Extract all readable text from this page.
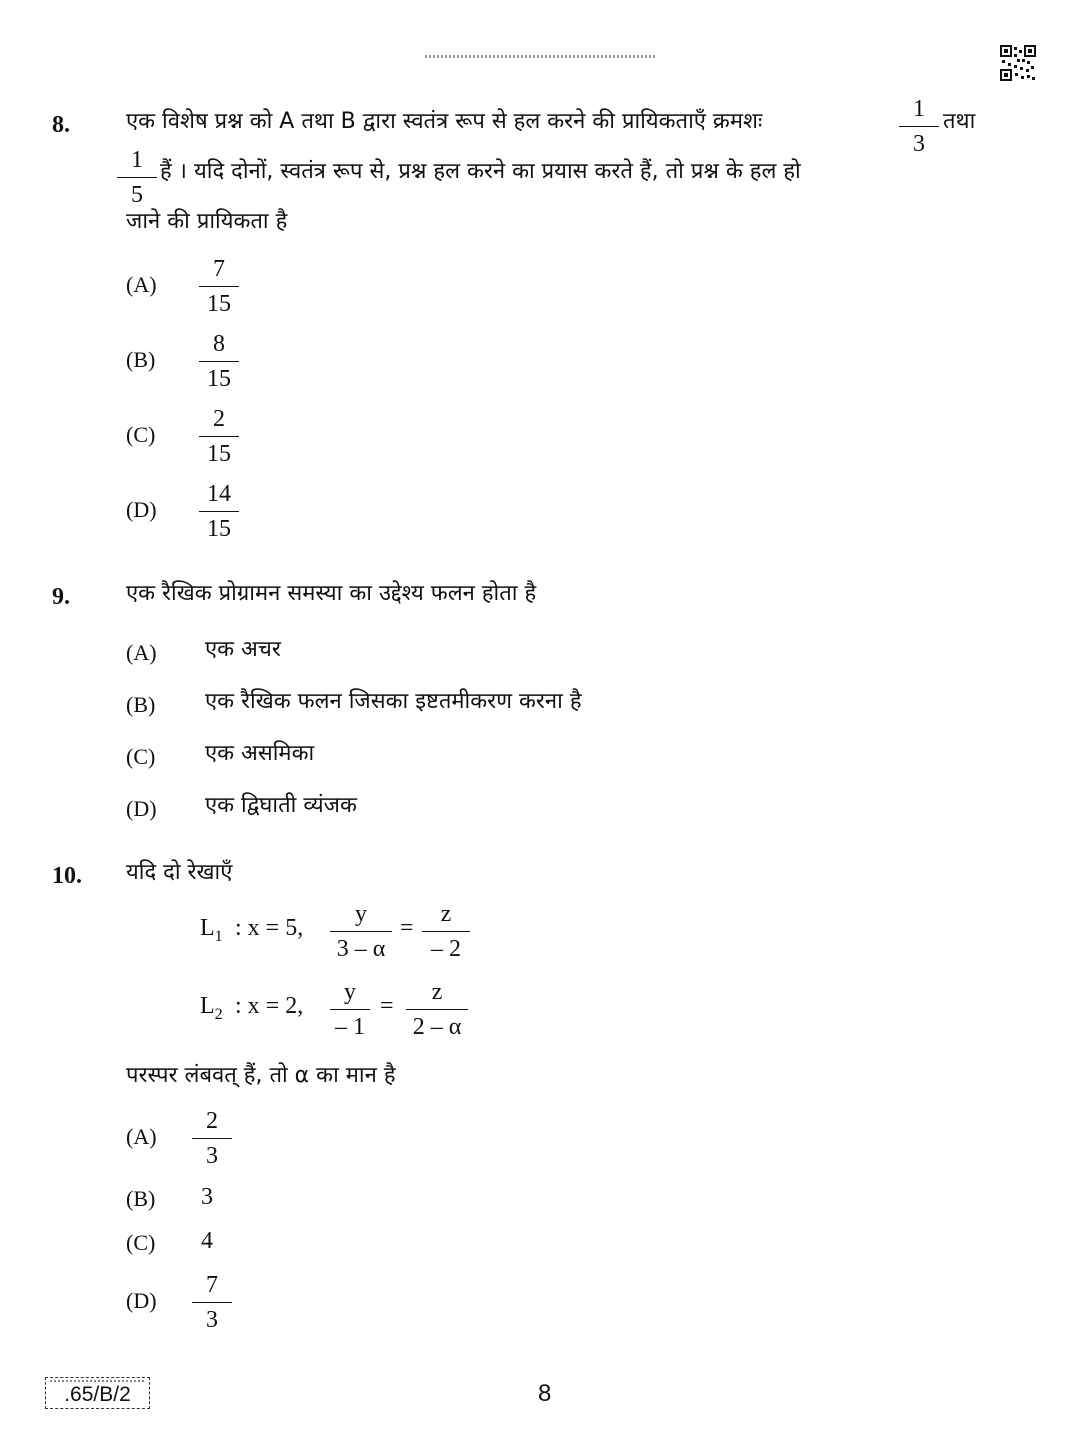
8.	एक विशेष प्रश्न को A तथा B द्वारा स्वतंत्र रूप से हल करने की प्रायिकताएँ क्रमशः	1
3
तथा
1
5
हैं । यदि दोनों, स्वतंत्र रूप से, प्रश्न हल करने का प्रयास करते हैं, तो प्रश्न के हल हो
जाने की प्रायिकता है
(A)
7
15
(B)
8
15
(C)
2
15
(D)
14
15
9.	एक रैखिक प्रोग्रामन समस्या का उद्देश्य फलन होता है
(A) एक अचर
(B) एक रैखिक फलन जिसका इष्टतमीकरण करना है
(C) एक असमिका
(D) एक द्विघाती व्यंजक
10. यदि दो रेखाएँ
$L_1$ : x = 5,
y
3 – α
=
z
– 2
$L_2$ : x = 2,
y
– 1
=
z
2 – α
परस्पर लंबवत् हैं, तो α का मान है
(A)
2
3
(B) 3
(C) 4
(D)
7
3
.65/B/2	8
